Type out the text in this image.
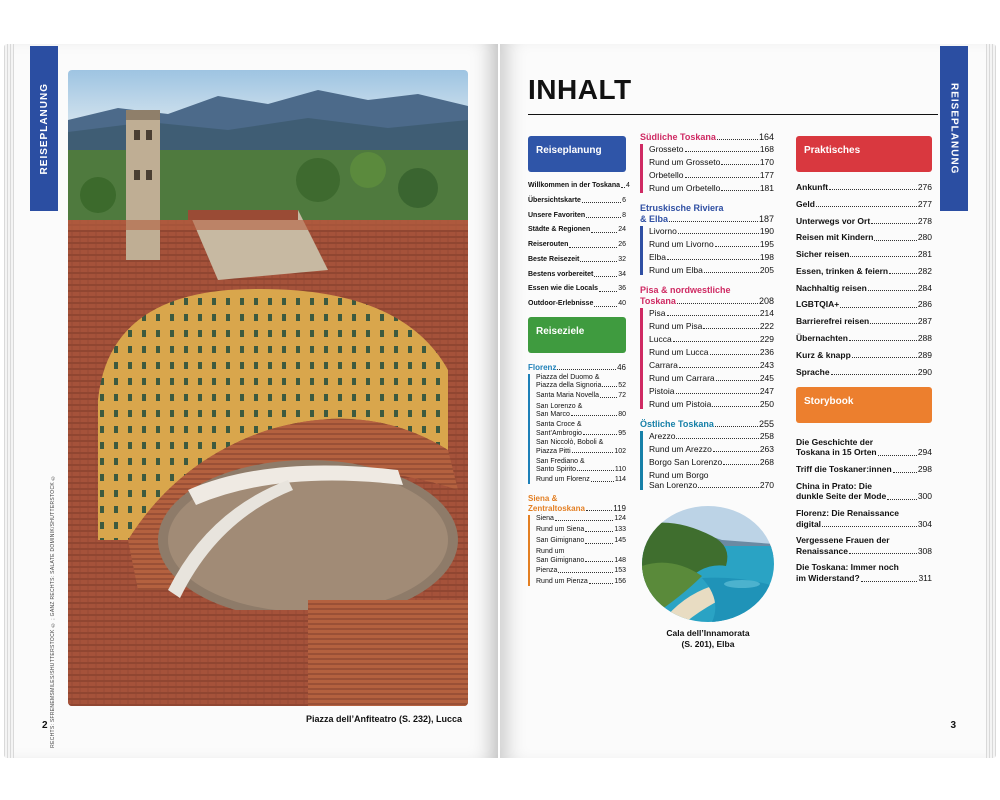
REISEPLANUNG
RECHTS: SFRENEMSMILES/SHUTTERSTOCK © ; GANZ RECHTS: SALATE DOMINIK/SHUTTERSTOCK ©	Piazza dell’Anfiteatro (S. 232), Lucca
2
REISEPLANUNG
INHALT
Reiseplanung
Willkommen in der Toskana 4
Übersichtskarte	6
Unsere Favoriten	8
Städte & Regionen	24
Reiserouten	26
Beste Reisezeit	32
Bestens vorbereitet	34
Essen wie die Locals	36
Outdoor-Erlebnisse	40
Reiseziele
Florenz	46
Piazza del Duomo &
Piazza della Signoria 52
Santa Maria Novella	72
San Lorenzo &
San Marco	80
Santa Croce &
Sant’Ambrogio	95
San Niccolò, Boboli &
Piazza Pitti	102
San Frediano &
Santo Spirito	110
Rund um Florenz	114
Siena &
Zentraltoskana	119
Siena	124
Rund um Siena	133
San Gimignano	145
Rund um
San Gimignano	148
Pienza	153
Rund um Pienza	156
Südliche Toskana	164
Grosseto	168
Rund um Grosseto	170
Orbetello	177
Rund um Orbetello	181
Etruskische Riviera
& Elba	187
Livorno	190
Rund um Livorno	195
Elba	198
Rund um Elba	205
Pisa & nordwestliche
Toskana	208
Pisa	214
Rund um Pisa	222
Lucca	229
Rund um Lucca	236
Carrara	243
Rund um Carrara	245
Pistoia	247
Rund um Pistoia	250
Östliche Toskana	255
Arezzo	258
Rund um Arezzo	263
Borgo San Lorenzo	268
Rund um Borgo
San Lorenzo	270
Cala dell’Innamorata
(S. 201), Elba
Praktisches
Ankunft	276
Geld	277
Unterwegs vor Ort	278
Reisen mit Kindern	280
Sicher reisen	281
Essen, trinken & feiern	282
Nachhaltig reisen	284
LGBTQIA+	286
Barrierefrei reisen	287
Übernachten	288
Kurz & knapp	289
Sprache	290
Storybook
Die Geschichte der
Toskana in 15 Orten	294
Triff die Toskaner:innen	298
China in Prato: Die
dunkle Seite der Mode	300
Florenz: Die Renaissance
digital	304
Vergessene Frauen der
Renaissance	308
Die Toskana: Immer noch
im Widerstand?	311
3
